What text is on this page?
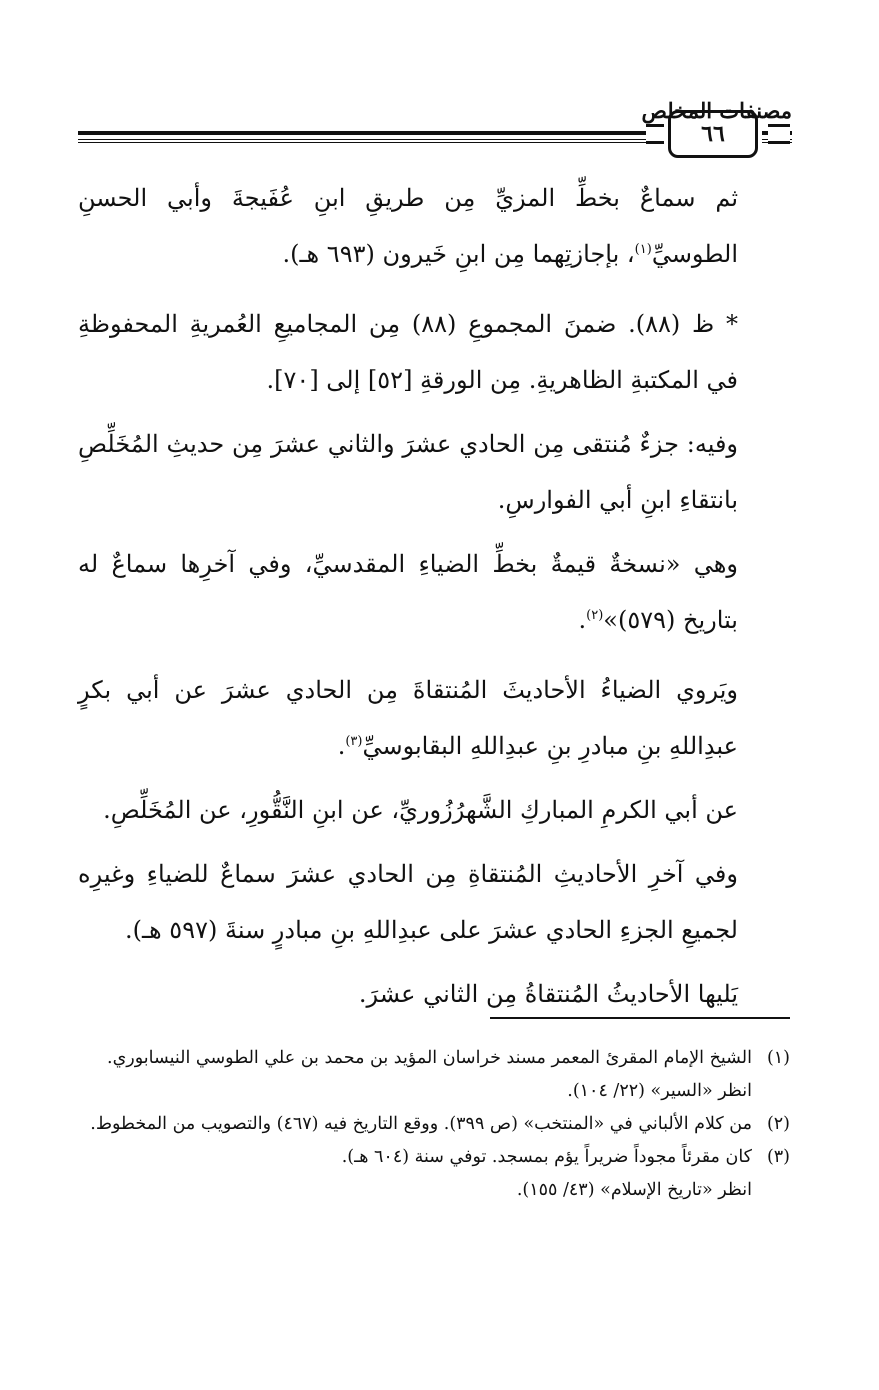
٦٦
مصنفات المخلص

ثم سماعٌ بخطِّ المزيِّ مِن طريقِ ابنِ عُفَيجةَ وأبي الحسنِ الطوسيِّ$^{(١)}$، بإجازتِهما مِن ابنِ خَيرون (٦٩٣ هـ).

* ظ (٨٨). ضمنَ المجموعِ (٨٨) مِن المجاميعِ العُمريةِ المحفوظةِ في المكتبةِ الظاهريةِ. مِن الورقةِ [٥٢] إلى [٧٠].

وفيه: جزءٌ مُنتقى مِن الحادي عشرَ والثاني عشرَ مِن حديثِ المُخَلِّصِ بانتقاءِ ابنِ أبي الفوارسِ.

وهي «نسخةٌ قيمةٌ بخطِّ الضياءِ المقدسيِّ، وفي آخرِها سماعٌ له بتاريخ (٥٧٩)»$^{(٢)}$.

ويَروي الضياءُ الأحاديثَ المُنتقاةَ مِن الحادي عشرَ عن أبي بكرٍ عبدِاللهِ بنِ مبادرِ بنِ عبدِاللهِ البقابوسيِّ$^{(٣)}$.

عن أبي الكرمِ المباركِ الشَّهرُزُوريِّ، عن ابنِ النَّقُّورِ، عن المُخَلِّصِ.

وفي آخرِ الأحاديثِ المُنتقاةِ مِن الحادي عشرَ سماعٌ للضياءِ وغيرِه لجميعِ الجزءِ الحادي عشرَ على عبدِاللهِ بنِ مبادرٍ سنةَ (٥٩٧ هـ).

يَليها الأحاديثُ المُنتقاةُ مِن الثاني عشرَ.

(١)
الشيخ الإمام المقرئ المعمر مسند خراسان المؤيد بن محمد بن علي الطوسي النيسابوري.
انظر «السير» (٢٢/ ١٠٤).
(٢)
من كلام الألباني في «المنتخب» (ص ٣٩٩). ووقع التاريخ فيه (٤٦٧) والتصويب من المخطوط.
(٣)
كان مقرئاً مجوداً ضريراً يؤم بمسجد. توفي سنة (٦٠٤ هـ).
انظر «تاريخ الإسلام» (٤٣/ ١٥٥).
